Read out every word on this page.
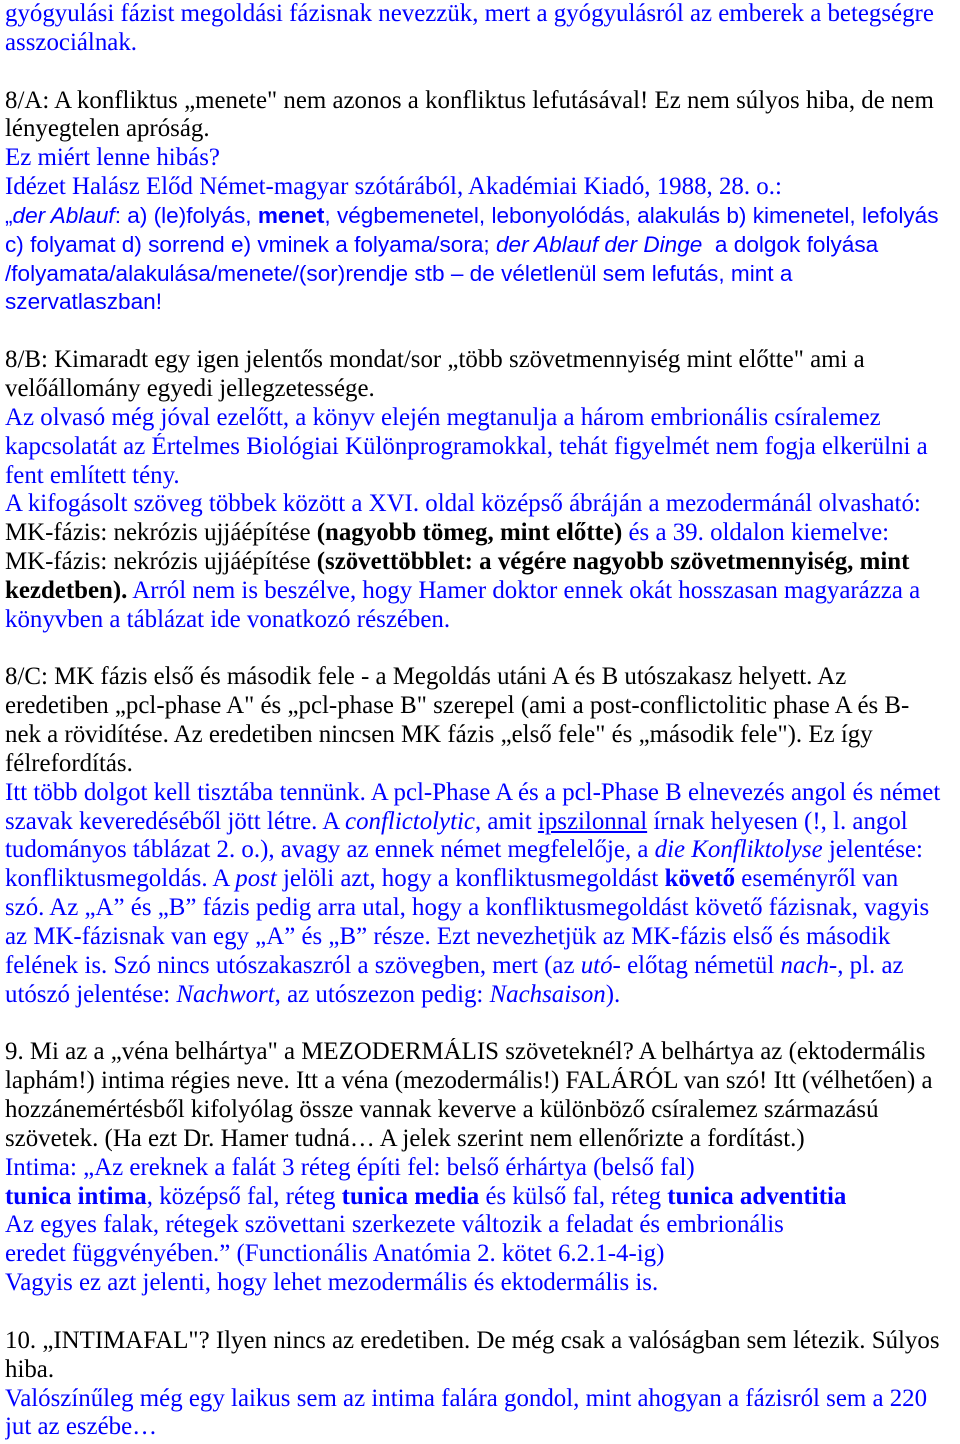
gyógyulási fázist megoldási fázisnak nevezzük, mert a gyógyulásról az emberek a betegségre
asszociálnak.
8/A: A konfliktus „menete" nem azonos a konfliktus lefutásával! Ez nem súlyos hiba, de nem
lényegtelen apróság.
Ez miért lenne hibás?
Idézet Halász Előd Német-magyar szótárából, Akadémiai Kiadó, 1988, 28. o.:
„der Ablauf: a) (le)folyás, menet, végbemenetel, lebonyolódás, alakulás b) kimenetel, lefolyás
c) folyamat d) sorrend e) vminek a folyama/sora; der Ablauf der Dinge  a dolgok folyása
/folyamata/alakulása/menete/(sor)rendje stb – de véletlenül sem lefutás, mint a
szervatlaszban!
8/B: Kimaradt egy igen jelentős mondat/sor „több szövetmennyiség mint előtte" ami a
velőállomány egyedi jellegzetessége.
Az olvasó még jóval ezelőtt, a könyv elején megtanulja a három embrionális csíralemez
kapcsolatát az Értelmes Biológiai Különprogramokkal, tehát figyelmét nem fogja elkerülni a
fent említett tény.
A kifogásolt szöveg többek között a XVI. oldal középső ábráján a mezodermánál olvasható:
MK-fázis: nekrózis ujjáépítése (nagyobb tömeg, mint előtte) és a 39. oldalon kiemelve:
MK-fázis: nekrózis ujjáépítése (szövettöbblet: a végére nagyobb szövetmennyiség, mint
kezdetben). Arról nem is beszélve, hogy Hamer doktor ennek okát hosszasan magyarázza a
könyvben a táblázat ide vonatkozó részében.
8/C: MK fázis első és második fele - a Megoldás utáni A és B utószakasz helyett. Az
eredetiben „pcl-phase A" és „pcl-phase B" szerepel (ami a post-conflictolitic phase A és B-
nek a rövidítése. Az eredetiben nincsen MK fázis „első fele" és „második fele"). Ez így
félrefordítás.
Itt több dolgot kell tisztába tennünk. A pcl-Phase A és a pcl-Phase B elnevezés angol és német
szavak keveredéséből jött létre. A conflictolytic, amit ipszilonnal írnak helyesen (!, l. angol
tudományos táblázat 2. o.), avagy az ennek német megfelelője, a die Konfliktolyse jelentése:
konfliktusmegoldás. A post jelöli azt, hogy a konfliktusmegoldást követő eseményről van
szó. Az „A” és „B” fázis pedig arra utal, hogy a konfliktusmegoldást követő fázisnak, vagyis
az MK-fázisnak van egy „A” és „B” része. Ezt nevezhetjük az MK-fázis első és második
felének is. Szó nincs utószakaszról a szövegben, mert (az utó- előtag németül nach-, pl. az
utószó jelentése: Nachwort, az utószezon pedig: Nachsaison).
9. Mi az a „véna belhártya" a MEZODERMÁLIS szöveteknél? A belhártya az (ektodermális
laphám!) intima régies neve. Itt a véna (mezodermális!) FALÁRÓL van szó! Itt (vélhetően) a
hozzánemértésből kifolyólag össze vannak keverve a különböző csíralemez származású
szövetek. (Ha ezt Dr. Hamer tudná… A jelek szerint nem ellenőrizte a fordítást.)
Intima: „Az ereknek a falát 3 réteg építi fel: belső érhártya (belső fal)
tunica intima, középső fal, réteg tunica media és külső fal, réteg tunica adventitia
Az egyes falak, rétegek szövettani szerkezete változik a feladat és embrionális
eredet függvényében.” (Functionális Anatómia 2. kötet 6.2.1-4-ig)
Vagyis ez azt jelenti, hogy lehet mezodermális és ektodermális is.
10. „INTIMAFAL"? Ilyen nincs az eredetiben. De még csak a valóságban sem létezik. Súlyos
hiba.
Valószínűleg még egy laikus sem az intima falára gondol, mint ahogyan a fázisról sem a 220
jut az eszébe…
